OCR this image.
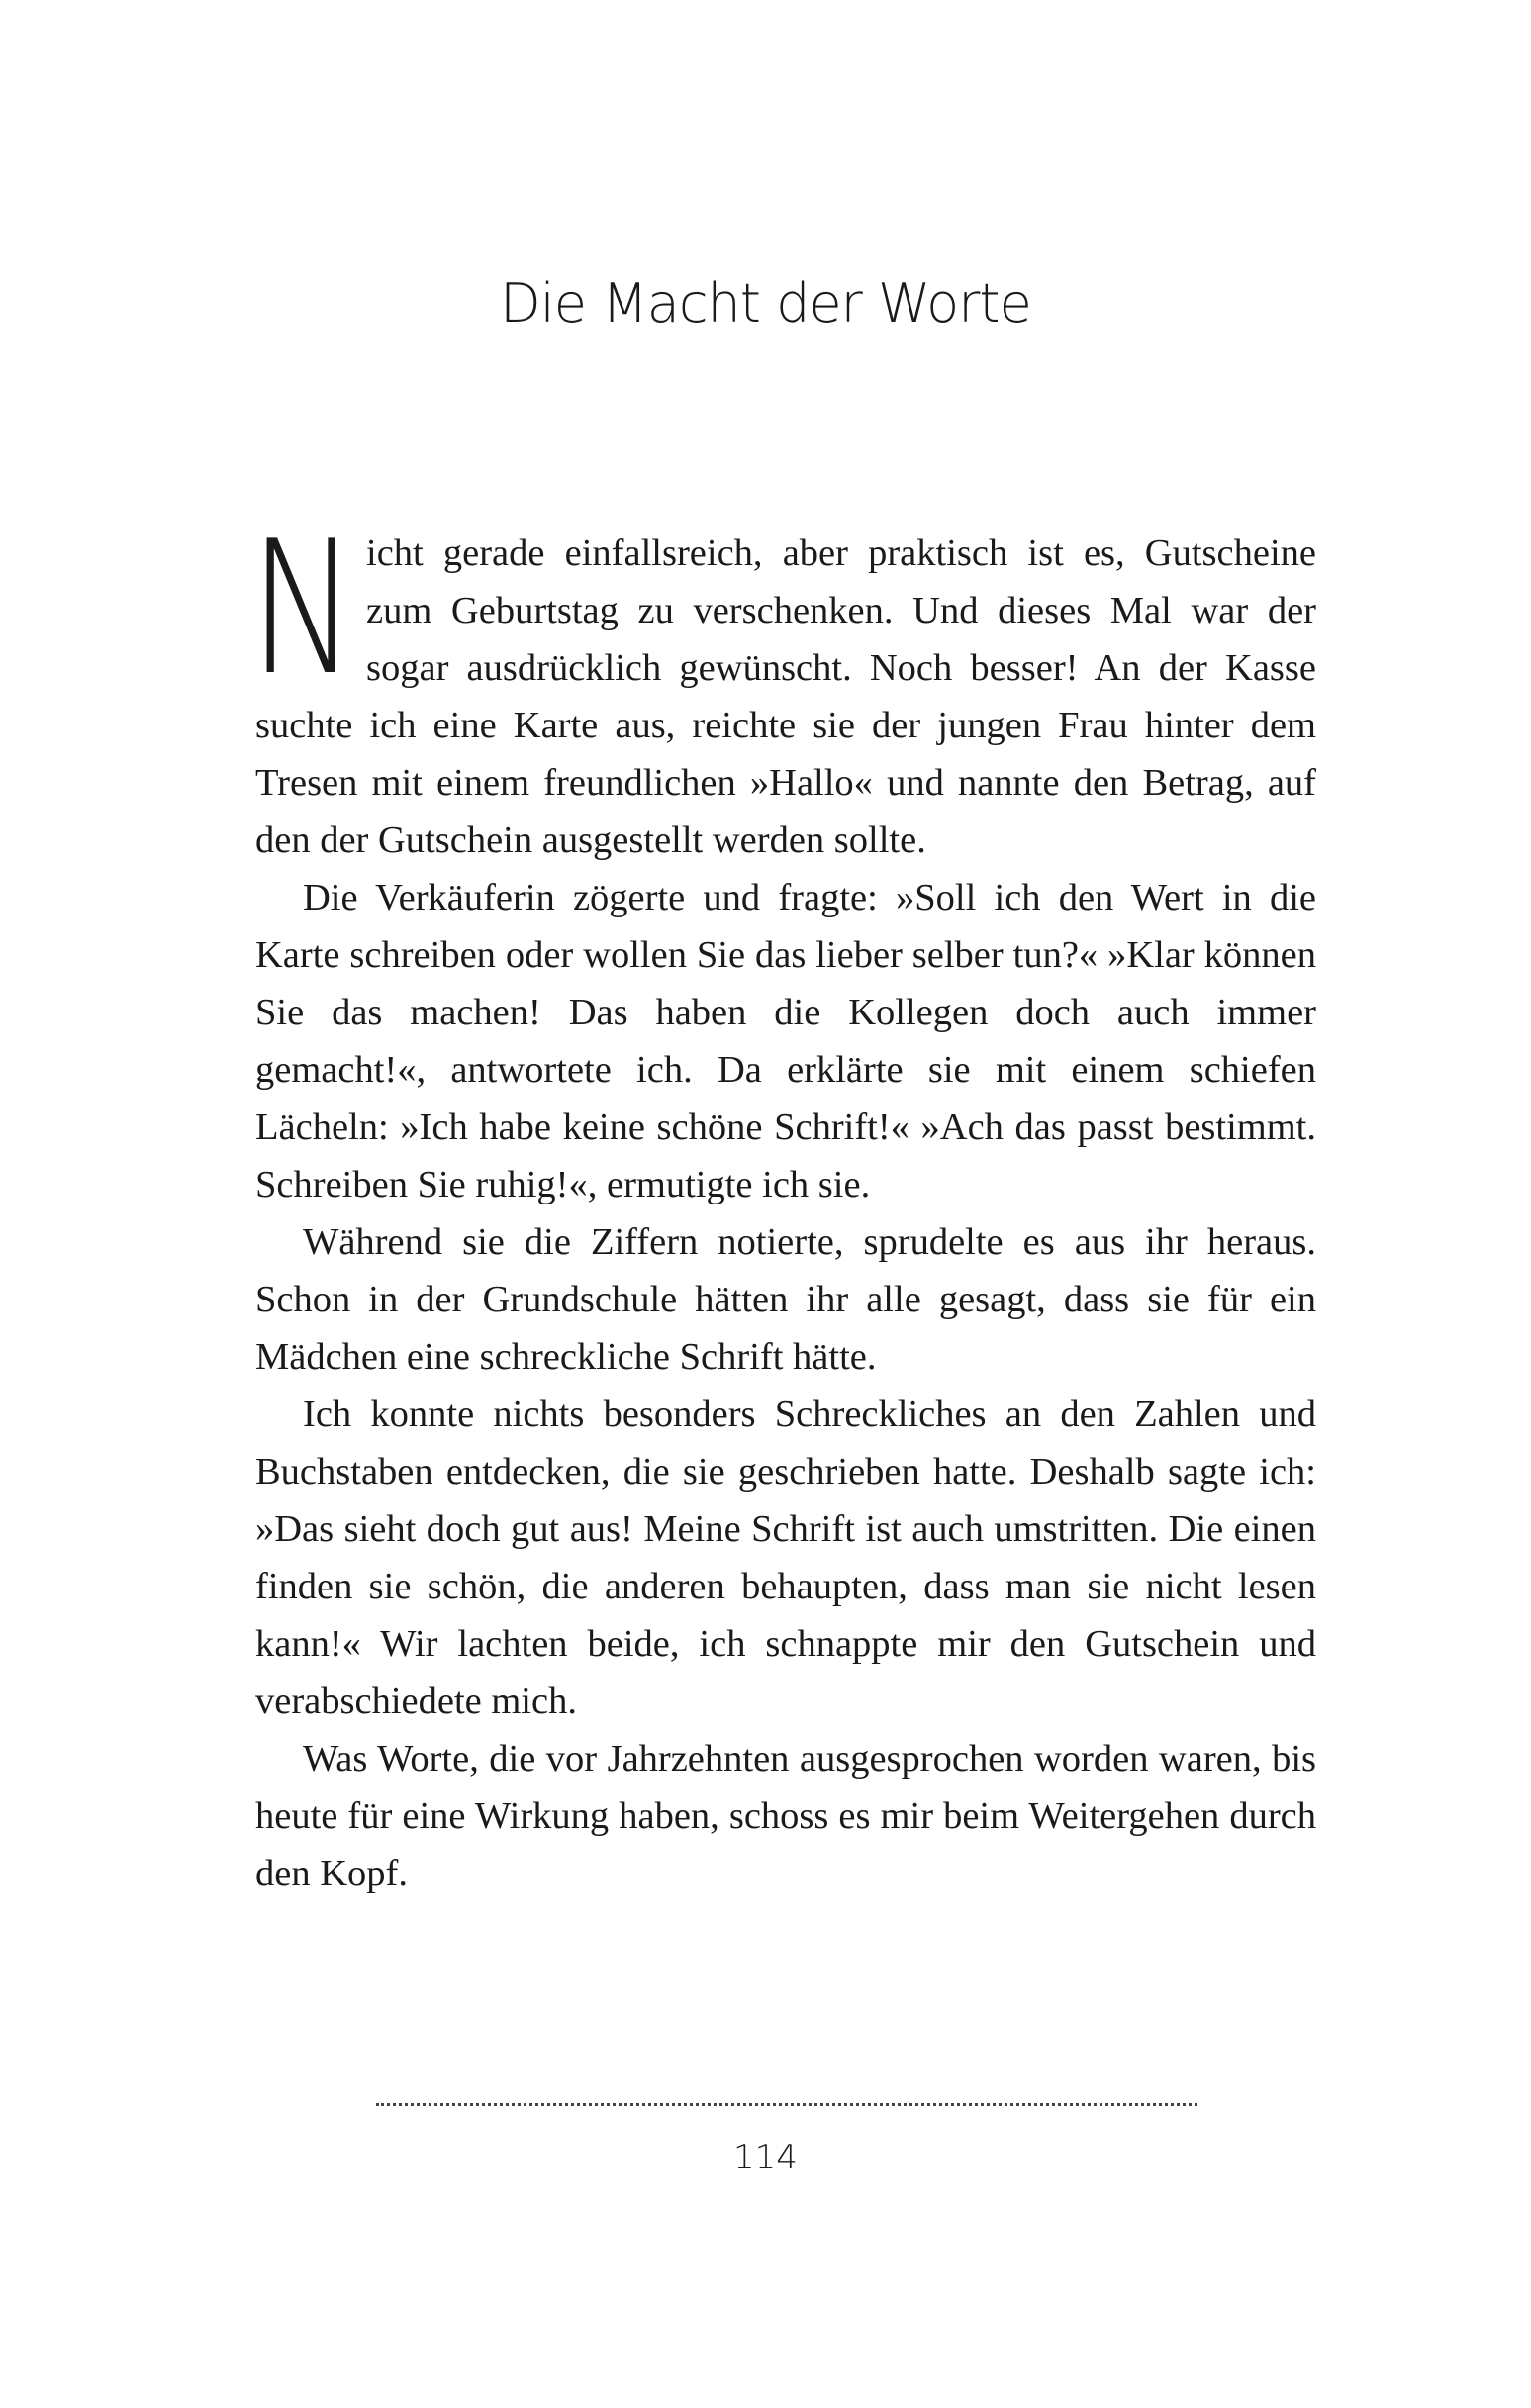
Die Macht der Worte

Nicht gerade einfallsreich, aber praktisch ist es, Gutscheine zum Geburtstag zu verschenken. Und dieses Mal war der sogar ausdrücklich gewünscht. Noch besser! An der Kasse suchte ich eine Karte aus, reichte sie der jungen Frau hinter dem Tresen mit einem freundlichen »Hallo« und nannte den Betrag, auf den der Gutschein ausgestellt werden sollte.

Die Verkäuferin zögerte und fragte: »Soll ich den Wert in die Karte schreiben oder wollen Sie das lieber selber tun?« »Klar können Sie das machen! Das haben die Kollegen doch auch immer gemacht!«, antwortete ich. Da erklärte sie mit einem schiefen Lächeln: »Ich habe keine schöne Schrift!« »Ach das passt bestimmt. Schreiben Sie ruhig!«, ermutigte ich sie.

Während sie die Ziffern notierte, sprudelte es aus ihr heraus. Schon in der Grundschule hätten ihr alle gesagt, dass sie für ein Mädchen eine schreckliche Schrift hätte.

Ich konnte nichts besonders Schreckliches an den Zahlen und Buchstaben entdecken, die sie geschrieben hatte. Deshalb sagte ich: »Das sieht doch gut aus! Meine Schrift ist auch umstritten. Die einen finden sie schön, die anderen behaupten, dass man sie nicht lesen kann!« Wir lachten beide, ich schnappte mir den Gutschein und verabschiedete mich.

Was Worte, die vor Jahrzehnten ausgesprochen worden waren, bis heute für eine Wirkung haben, schoss es mir beim Weitergehen durch den Kopf.

114
